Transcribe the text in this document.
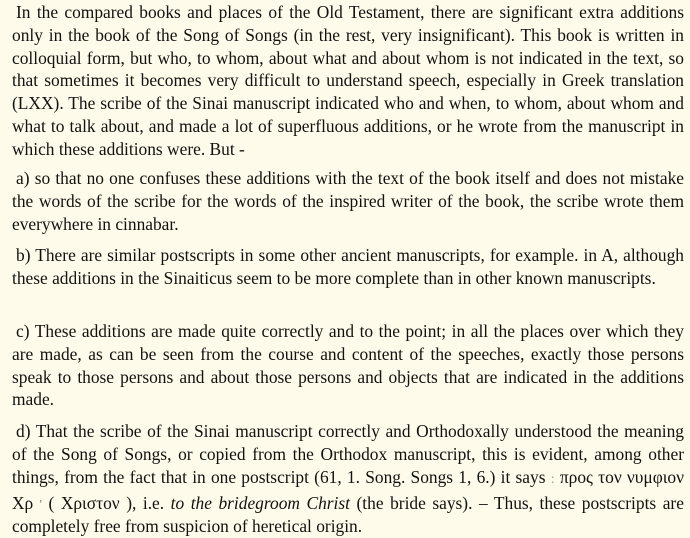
In the compared books and places of the Old Testament, there are significant extra additions only in the book of the Song of Songs (in the rest, very insignificant). This book is written in colloquial form, but who, to whom, about what and about whom is not indicated in the text, so that sometimes it becomes very difficult to understand speech, especially in Greek translation (LXX). The scribe of the Sinai manuscript indicated who and when, to whom, about whom and what to talk about, and made a lot of superfluous additions, or he wrote from the manuscript in which these additions were. But -

a) so that no one confuses these additions with the text of the book itself and does not mistake the words of the scribe for the words of the inspired writer of the book, the scribe wrote them everywhere in cinnabar.

b) There are similar postscripts in some other ancient manuscripts, for example. in A, although these additions in the Sinaiticus seem to be more complete than in other known manuscripts.

c) These additions are made quite correctly and to the point; in all the places over which they are made, as can be seen from the course and content of the speeches, exactly those persons speak to those persons and about those persons and objects that are indicated in the additions made.

d) That the scribe of the Sinai manuscript correctly and Orthodoxally understood the meaning of the Song of Songs, or copied from the Orthodox manuscript, this is evident, among other things, from the fact that in one postscript (61, 1. Song. Songs 1, 6.) it says : προς τον νυμφιον Χρ $^ᵋ$ ( Χριστον ), i.e. to the bridegroom Christ (the bride says). – Thus, these postscripts are completely free from suspicion of heretical origin.
